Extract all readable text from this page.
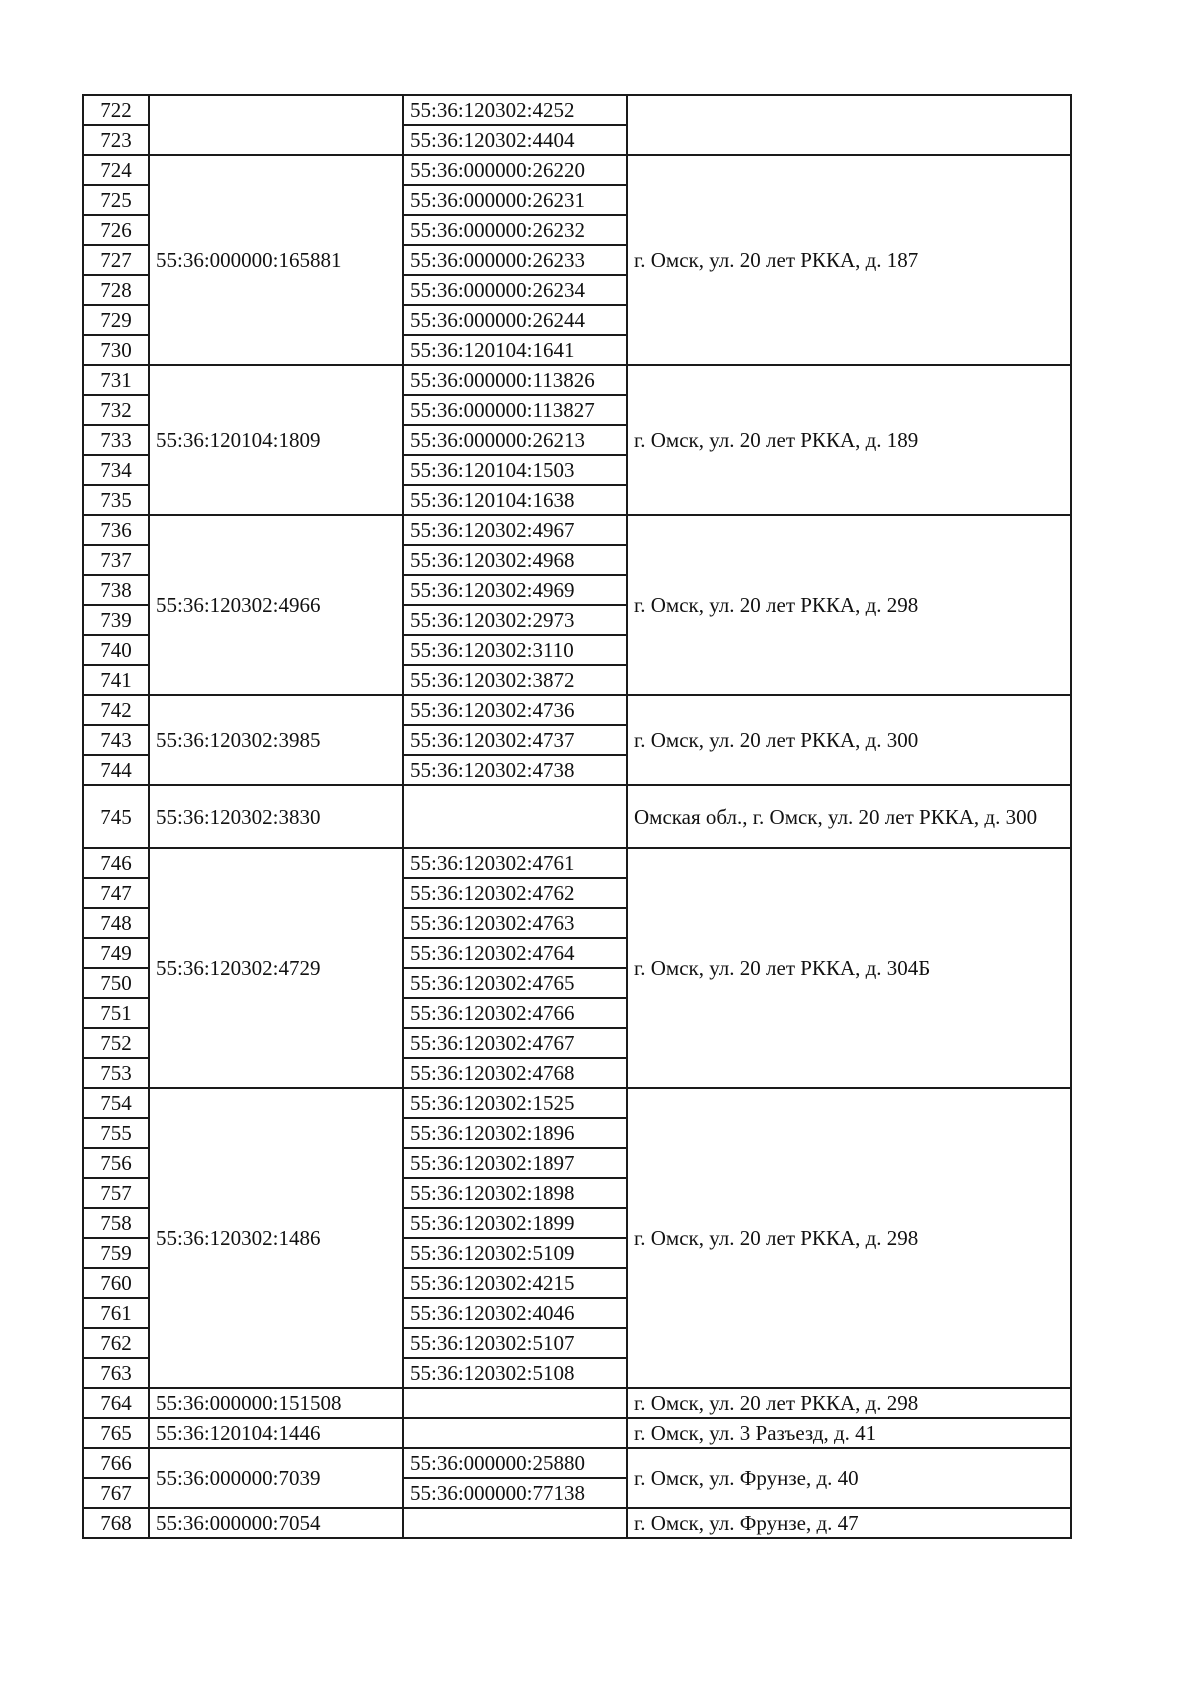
722		55:36:120302:4252	
723		55:36:120302:4404	
724	55:36:000000:165881	55:36:000000:26220	г. Омск, ул. 20 лет РККА, д. 187
725		55:36:000000:26231	
726		55:36:000000:26232	
727		55:36:000000:26233	
728		55:36:000000:26234	
729		55:36:000000:26244	
730		55:36:120104:1641	
731	55:36:120104:1809	55:36:000000:113826	г. Омск, ул. 20 лет РККА, д. 189
732		55:36:000000:113827	
733		55:36:000000:26213	
734		55:36:120104:1503	
735		55:36:120104:1638	
736	55:36:120302:4966	55:36:120302:4967	г. Омск, ул. 20 лет РККА, д. 298
737		55:36:120302:4968	
738		55:36:120302:4969	
739		55:36:120302:2973	
740		55:36:120302:3110	
741		55:36:120302:3872	
742	55:36:120302:3985	55:36:120302:4736	г. Омск, ул. 20 лет РККА, д. 300
743		55:36:120302:4737	
744		55:36:120302:4738	
745	55:36:120302:3830		Омская обл., г. Омск, ул. 20 лет РККА, д. 300
746	55:36:120302:4729	55:36:120302:4761	г. Омск, ул. 20 лет РККА, д. 304Б
747		55:36:120302:4762	
748		55:36:120302:4763	
749		55:36:120302:4764	
750		55:36:120302:4765	
751		55:36:120302:4766	
752		55:36:120302:4767	
753		55:36:120302:4768	
754	55:36:120302:1486	55:36:120302:1525	г. Омск, ул. 20 лет РККА, д. 298
755		55:36:120302:1896	
756		55:36:120302:1897	
757		55:36:120302:1898	
758		55:36:120302:1899	
759		55:36:120302:5109	
760		55:36:120302:4215	
761		55:36:120302:4046	
762		55:36:120302:5107	
763		55:36:120302:5108	
764	55:36:000000:151508		г. Омск, ул. 20 лет РККА, д. 298
765	55:36:120104:1446		г. Омск, ул. 3 Разъезд, д. 41
766	55:36:000000:7039	55:36:000000:25880	г. Омск, ул. Фрунзе, д. 40
767		55:36:000000:77138	
768	55:36:000000:7054		г. Омск, ул. Фрунзе, д. 47
